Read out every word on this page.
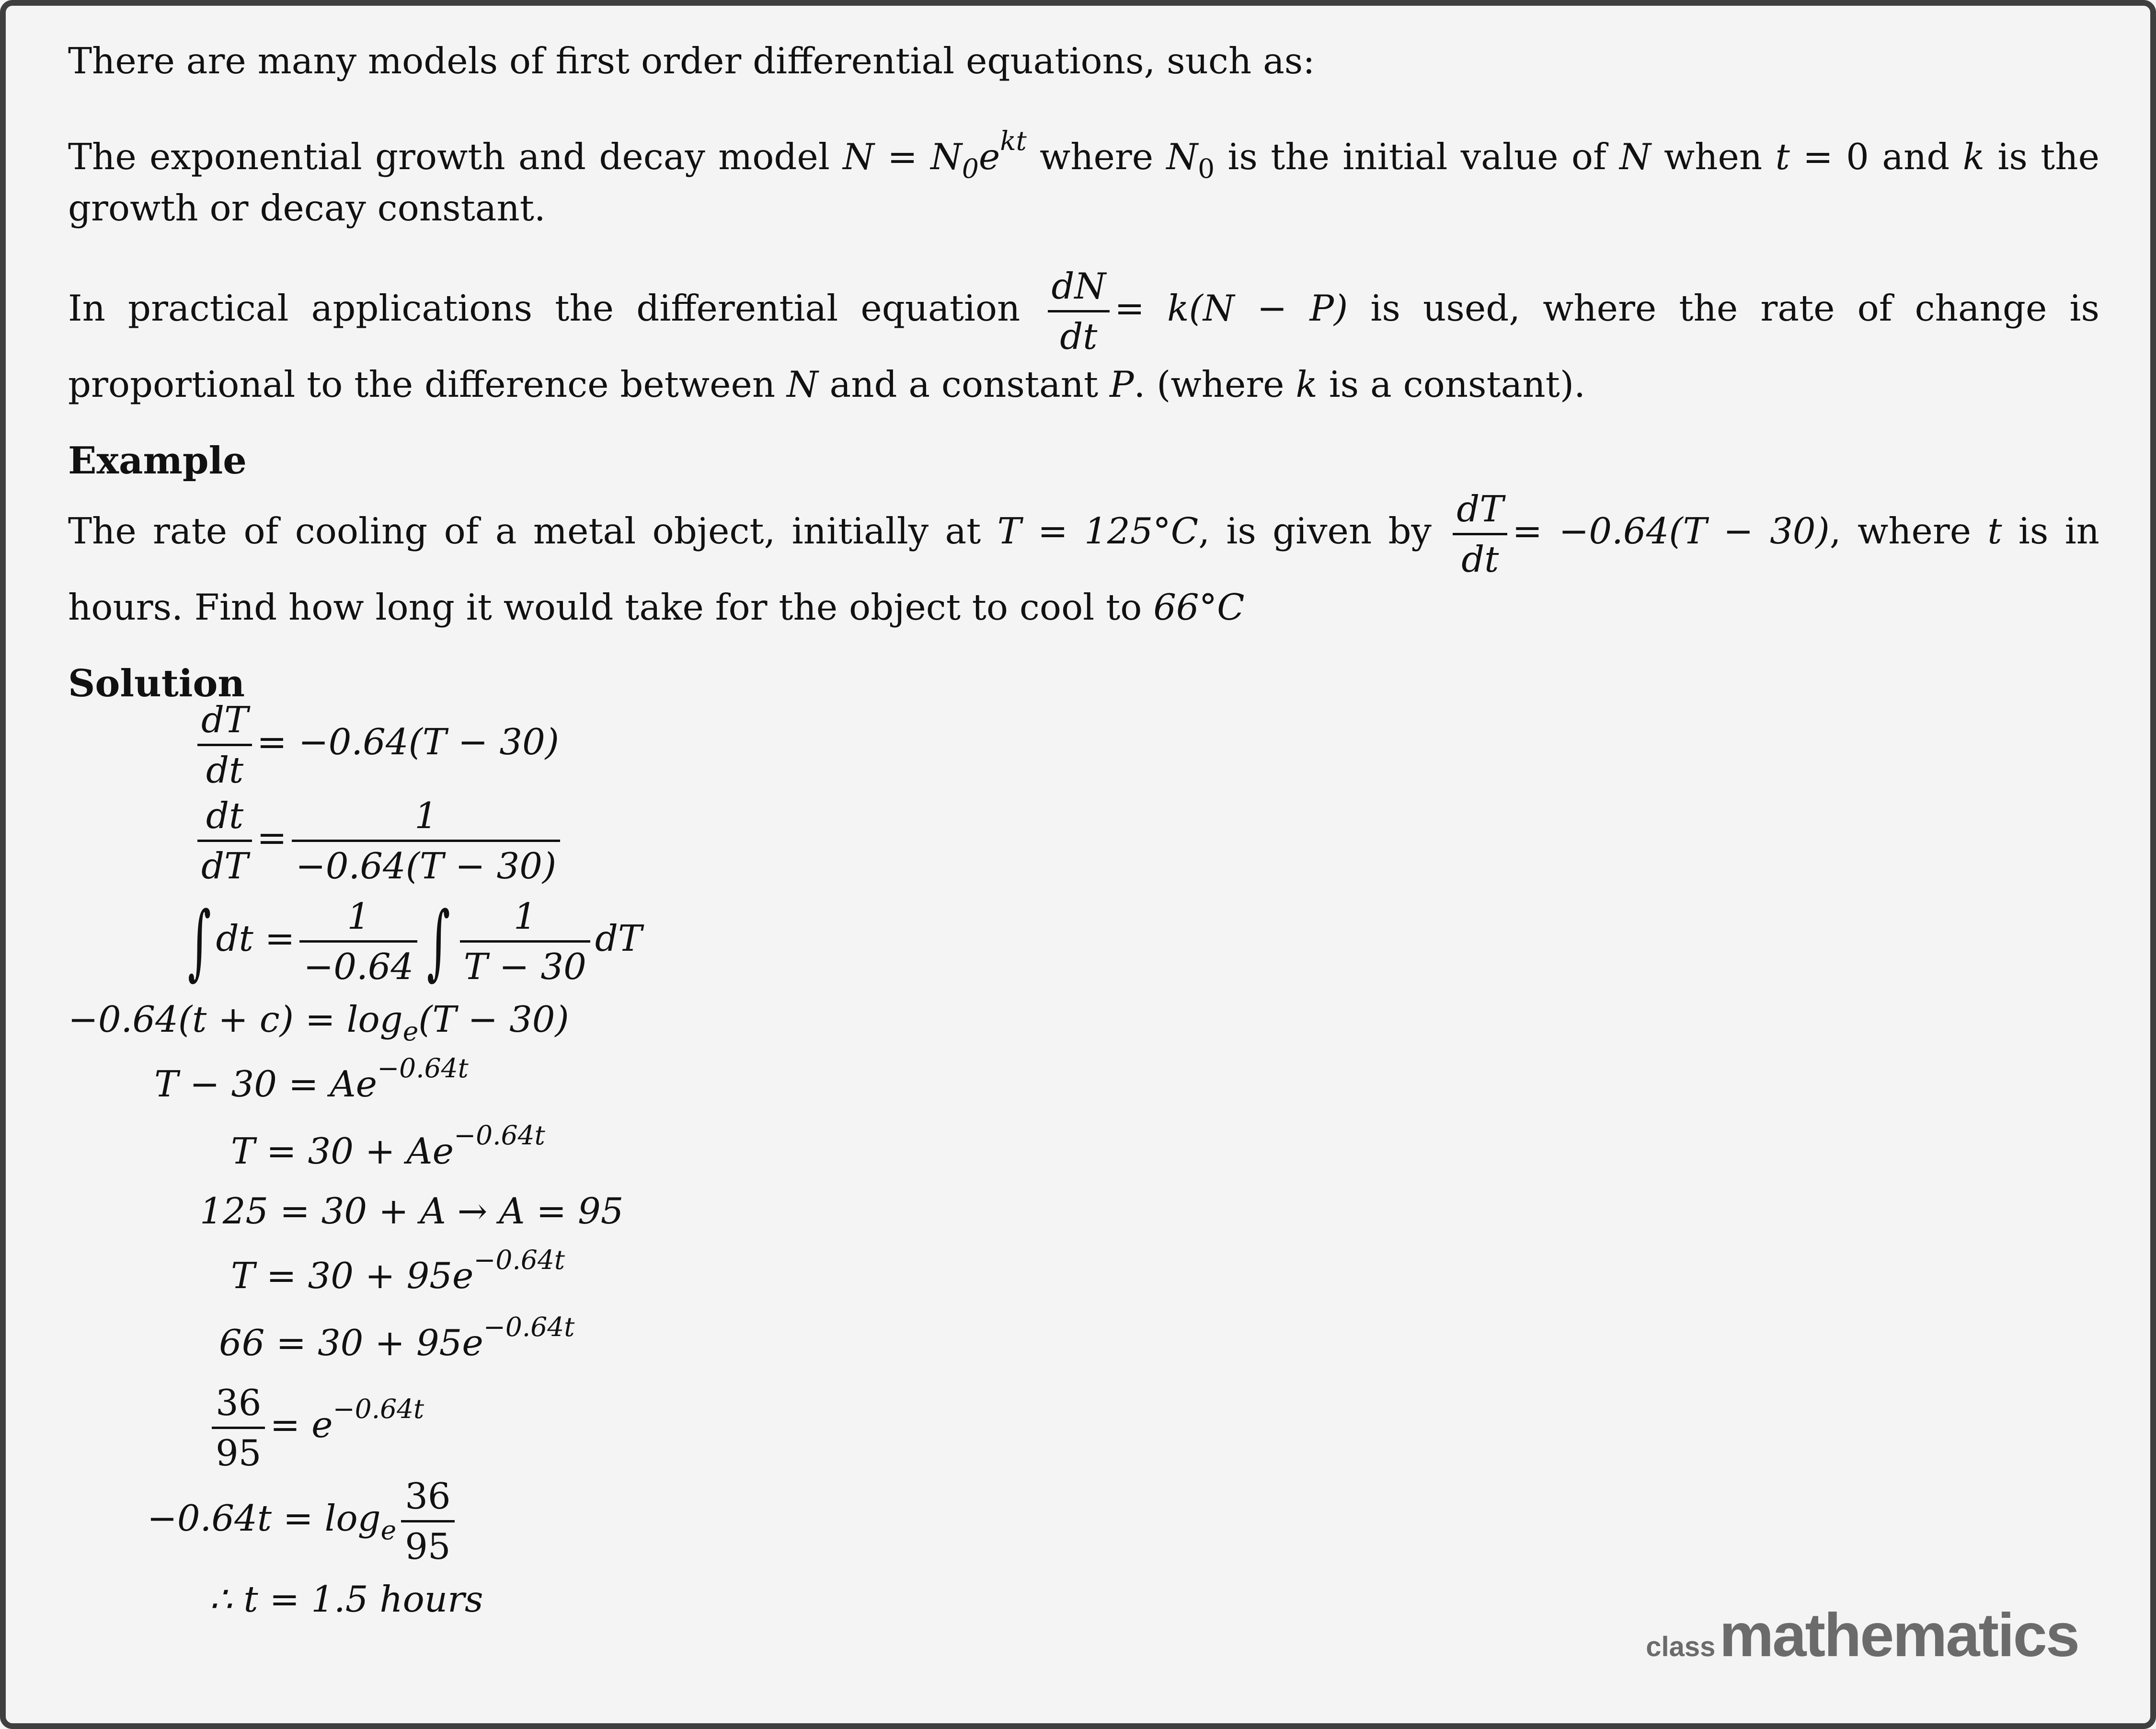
There are many models of first order differential equations, such as:
The exponential growth and decay model $N = N_0e^{kt}$ where $N_0$ is the initial value of N when t = 0 and k is the growth or decay constant.
In practical applications the differential equation $\frac{dN}{dt} = k(N - P)$ is used, where the rate of change is proportional to the difference between N and a constant P. (where k is a constant).
Example
The rate of cooling of a metal object, initially at T = 125°C, is given by $\frac{dT}{dt} = -0.64(T - 30)$, where t is in hours. Find how long it would take for the object to cool to 66°C
Solution
$\frac{dT}{dt} = -0.64(T - 30)$
$\frac{dt}{dT} = \frac{1}{-0.64(T - 30)}$
∫ dt = $\frac{1}{-0.64}$ ∫ $\frac{1}{T - 30}$ dT
$-0.64(t + c) = \log_e(T - 30)$
$T - 30 = Ae^{-0.64t}$
$T = 30 + Ae^{-0.64t}$
125 = 30 + A → A = 95
$T = 30 + 95e^{-0.64t}$
$66 = 30 + 95e^{-0.64t}$
$\frac{36}{95} = e^{-0.64t}$
$-0.64t = \log_e \frac{36}{95}$
∴ t = 1.5 hours
class mathematics
